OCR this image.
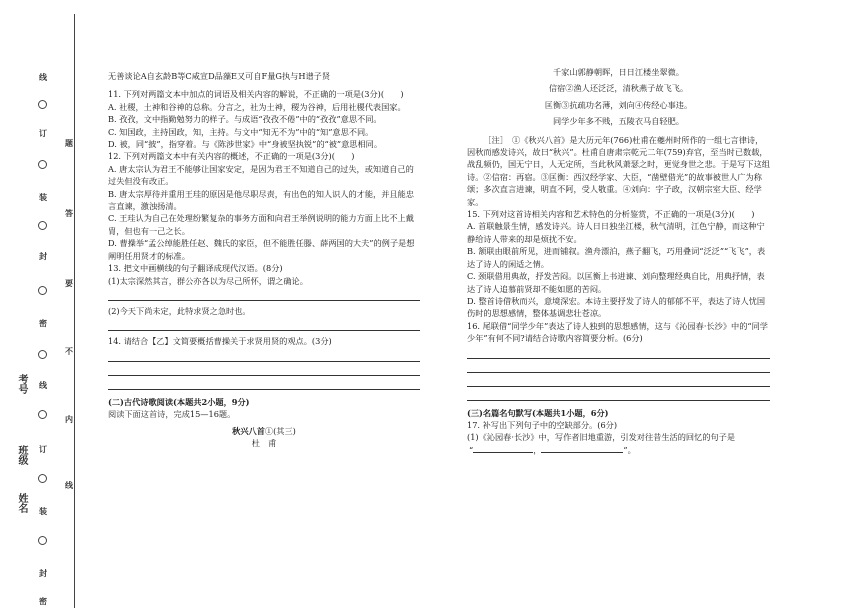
姓名
班级
考号
线
订
装
封
密
线
订
装
封
密
题
答
要
不
内
线

无善谈论A自玄龄B等C咸宣D品藻E又可自F量G执与H谱子贤

11. 下列对两篇文本中加点的词语及相关内容的解说，不正确的一项是(3分)(　　)

A. 社稷，土神和谷神的总称。分言之，社为土神，稷为谷神，后用社稷代表国家。

B. 孜孜，文中指勤勉努力的样子。与成语“孜孜不倦”中的“孜孜”意思不同。

C. 知国政，主持国政，知，主持。与文中“知无不为”中的“知”意思不同。

D. 被，同“披”，指穿着。与《陈涉世家》中“身被坚执锐”的“被”意思相同。

12. 下列对两篇文本中有关内容的概述，不正确的一项是(3分)(　　)

A. 唐太宗认为君王不能够让国家安定，是因为君王不知道自己的过失，或知道自己的过失但没有改正。

B. 唐太宗厚待并重用王珪的原因是他尽职尽责，有出色的知人识人的才能，并且能忠言直谏，激浊扬清。

C. 王珪认为自己在处理纷繁复杂的事务方面和向君王举例说明的能力方面上比不上戴胄，但也有一己之长。

D. 曹操举“孟公绰能胜任赵、魏氏的家臣，但不能胜任滕、薛两国的大夫”的例子是想阐明任用贤才的标准。

13. 把文中画横线的句子翻译成现代汉语。(8分)

(1)太宗深然其言，群公亦各以为尽己所怀，谓之确论。

(2)今天下尚未定，此特求贤之急时也。

14. 请结合【乙】文简要概括曹操关于求贤用贤的观点。(3分)

(二)古代诗歌阅读(本题共2小题，9分)

阅读下面这首诗，完成15—16题。

秋兴八首①(其三)

杜　甫

千家山郭静朝晖，日日江楼坐翠微。

信宿②渔人还泛泛，清秋燕子故飞飞。

匡衡③抗疏功名薄，刘向④传经心事违。

同学少年多不贱，五陵衣马自轻肥。

［注］　①《秋兴八首》是大历元年(766)杜甫在夔州时所作的一组七言律诗，因秋而感发诗兴，故曰“秋兴”。杜甫自唐肃宗乾元二年(759)弃官，至当时已数载，战乱频仍，国无宁日，人无定所，当此秋风萧瑟之时，更觉身世之悲。于是写下这组诗。②信宿：再宿。③匡衡：西汉经学家、大臣，“凿壁借光”的故事被世人广为称颂；多次直言进谏，明直不阿，受人敬重。④刘向：字子政，汉朝宗室大臣、经学家。

15. 下列对这首诗相关内容和艺术特色的分析鉴赏，不正确的一项是(3分)(　　)

A. 首联触景生情，感发诗兴。诗人日日独坐江楼，秋气清明，江色宁静，而这种宁静给诗人带来的却是烦扰不安。

B. 颔联由眼前所见，进而铺叙。渔舟漂泊，燕子翻飞，巧用叠词“泛泛”“飞飞”，表达了诗人的闲适之情。

C. 颈联借用典故，抒发苦闷。以匡衡上书进谏、刘向整理经典自比，用典抒情，表达了诗人追慕前贤却不能如愿的苦闷。

D. 整首诗借秋而兴，意境深宏。本诗主要抒发了诗人的郁郁不平，表达了诗人忧国伤时的思想感情，整体基调悲壮苍凉。

16. 尾联借“同学少年”表达了诗人独到的思想感情，这与《沁园春·长沙》中的“同学少年”有何不同?请结合诗歌内容简要分析。(6分)

(三)名篇名句默写(本题共1小题，6分)

17. 补写出下列句子中的空缺部分。(6分)

(1)《沁园春·长沙》中，写作者旧地重游，引发对往昔生活的回忆的句子是

“	，	”。
